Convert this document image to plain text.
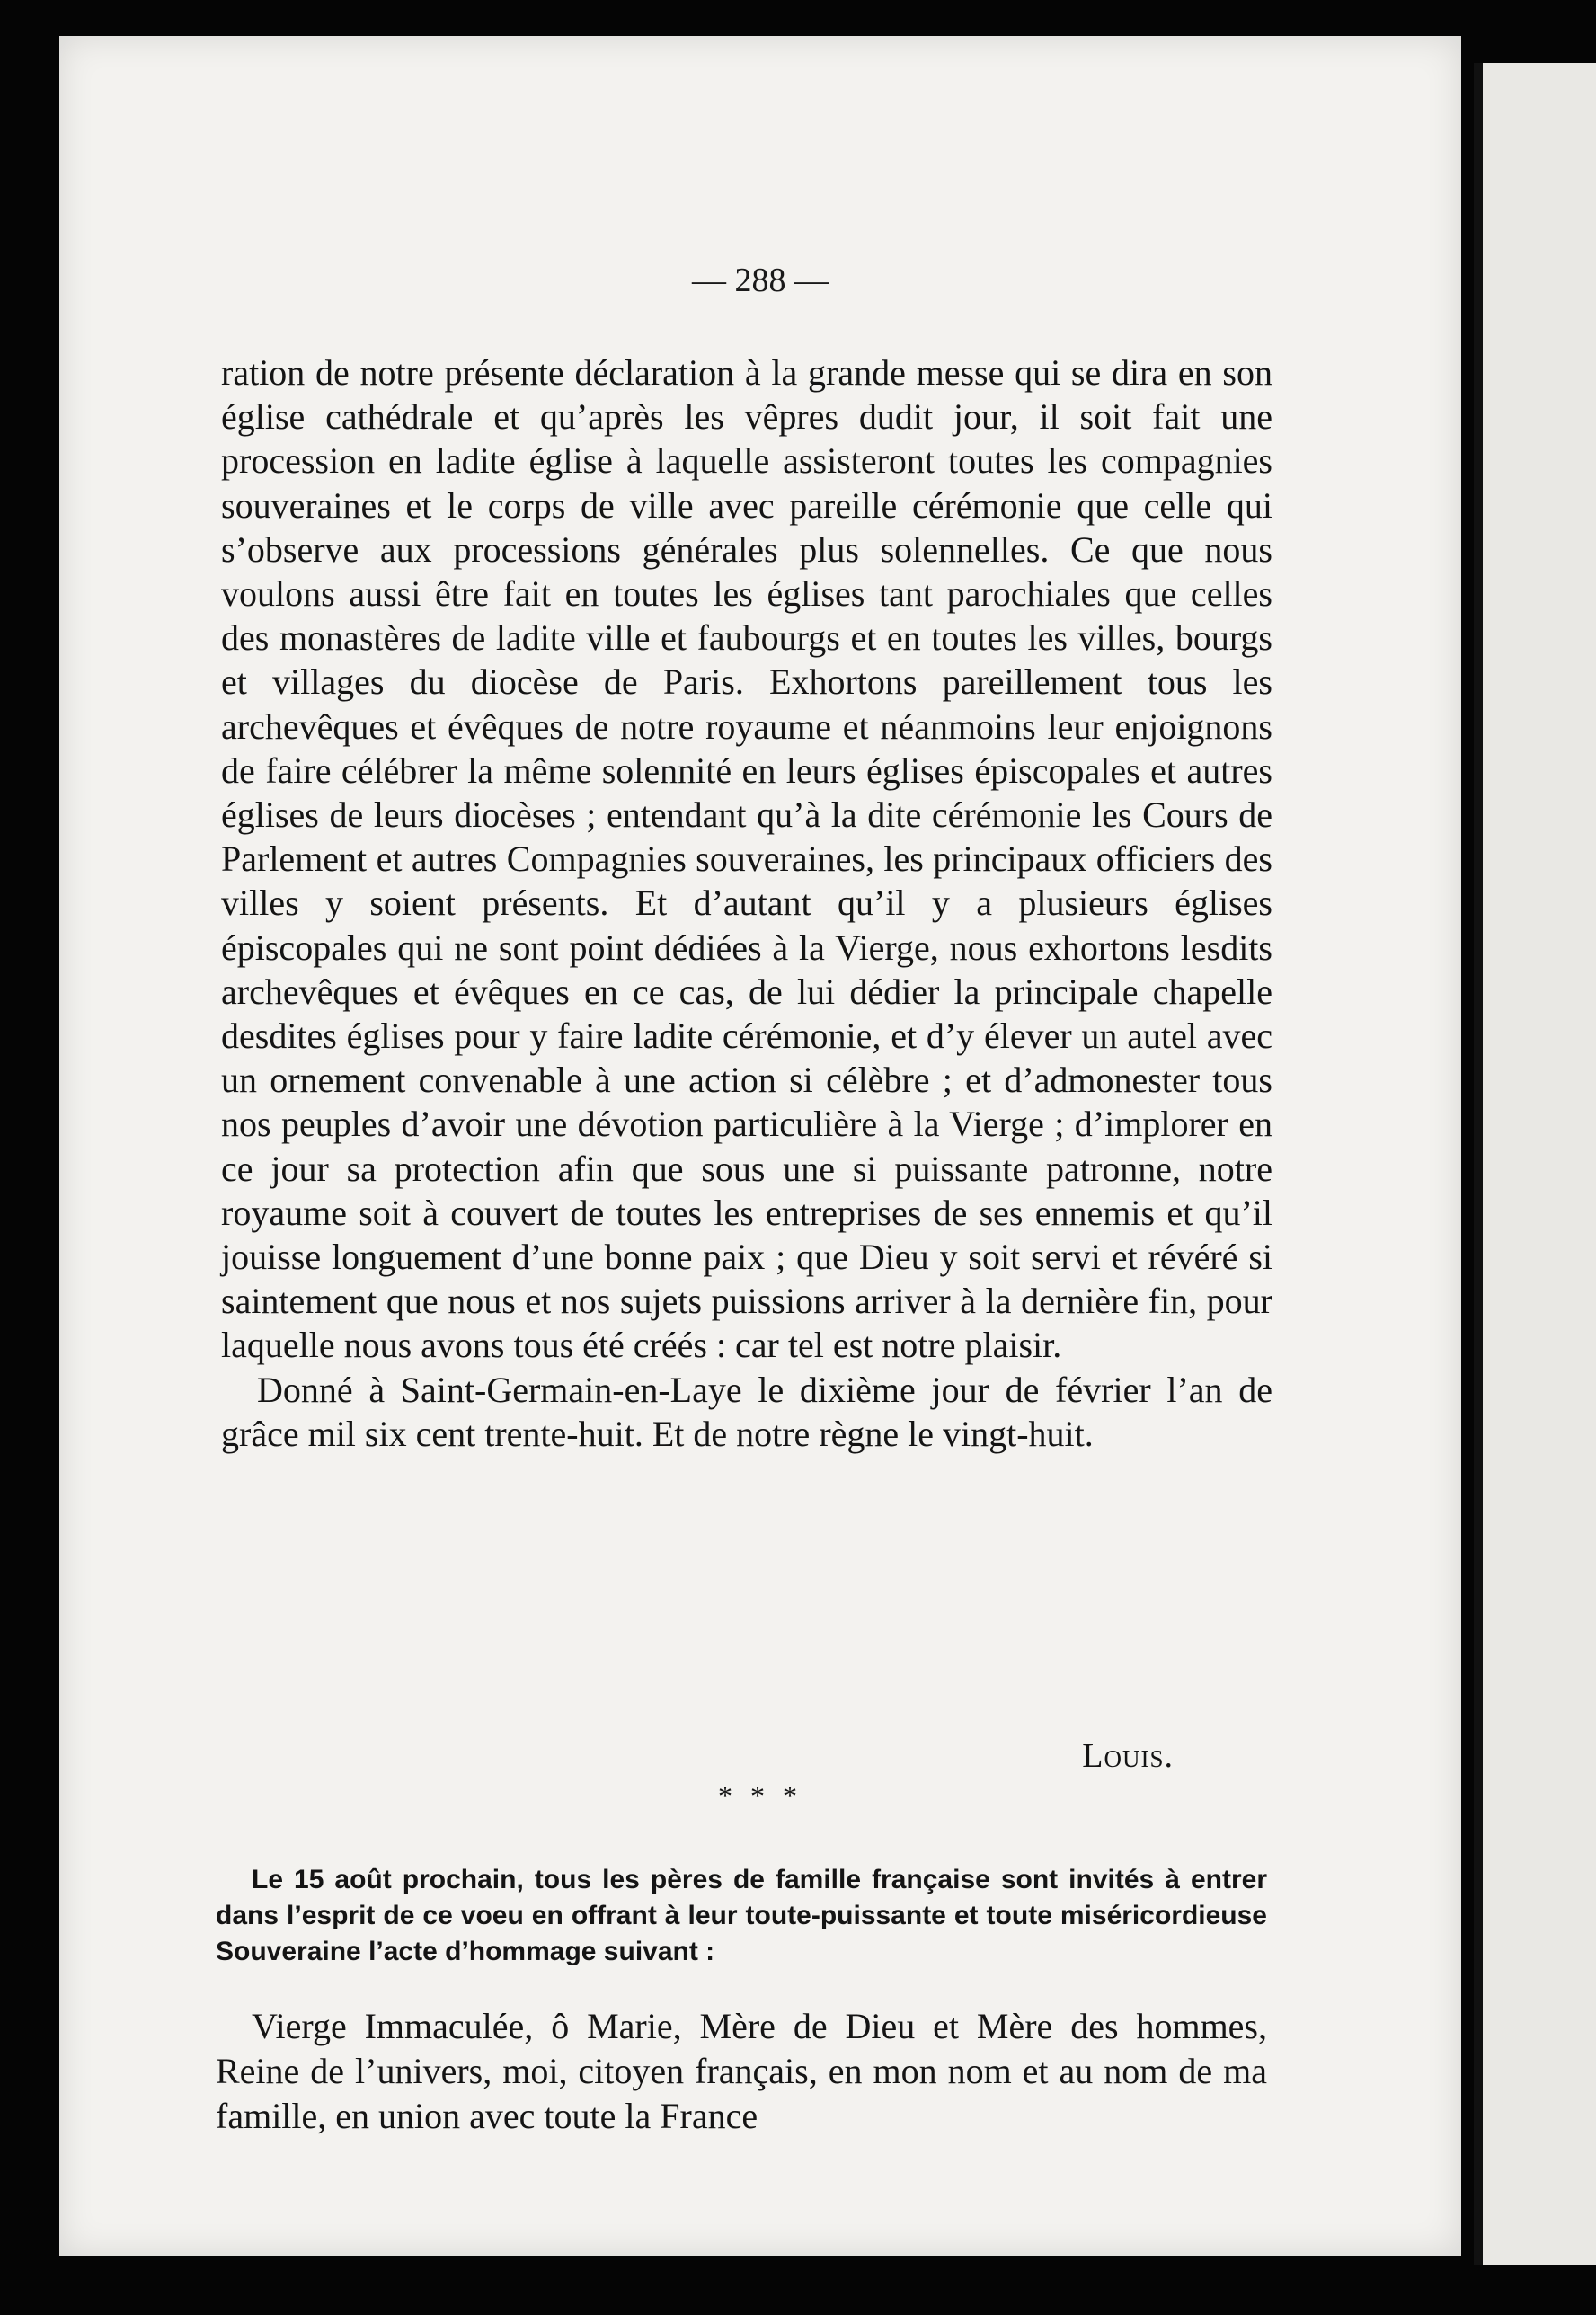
— 288 —

ration de notre présente déclaration à la grande messe qui se dira en son église cathédrale et qu’après les vêpres dudit jour, il soit fait une procession en ladite église à laquelle assisteront toutes les compagnies souveraines et le corps de ville avec pareille cérémonie que celle qui s’observe aux processions générales plus solennelles. Ce que nous voulons aussi être fait en toutes les églises tant parochiales que celles des monastères de ladite ville et faubourgs et en toutes les villes, bourgs et villages du diocèse de Paris. Exhortons pareillement tous les archevêques et évêques de notre royaume et néanmoins leur enjoignons de faire célébrer la même solennité en leurs églises épiscopales et autres églises de leurs diocèses ; entendant qu’à la dite cérémonie les Cours de Parlement et autres Compagnies souveraines, les principaux officiers des villes y soient présents. Et d’autant qu’il y a plusieurs églises épiscopales qui ne sont point dédiées à la Vierge, nous exhortons lesdits archevêques et évêques en ce cas, de lui dédier la principale chapelle desdites églises pour y faire ladite cérémonie, et d’y élever un autel avec un ornement convenable à une action si célèbre ; et d’admonester tous nos peuples d’avoir une dévotion particulière à la Vierge ; d’implorer en ce jour sa protection afin que sous une si puissante patronne, notre royaume soit à couvert de toutes les entreprises de ses ennemis et qu’il jouisse longuement d’une bonne paix ; que Dieu y soit servi et révéré si saintement que nous et nos sujets puissions arriver à la dernière fin, pour laquelle nous avons tous été créés : car tel est notre plaisir.

Donné à Saint-Germain-en-Laye le dixième jour de février l’an de grâce mil six cent trente-huit. Et de notre règne le vingt-huit.

Louis.
* * *
Le 15 août prochain, tous les pères de famille française sont invités à entrer dans l’esprit de ce voeu en offrant à leur toute-puissante et toute miséricordieuse Souveraine l’acte d’hommage suivant :
Vierge Immaculée, ô Marie, Mère de Dieu et Mère des hommes, Reine de l’univers, moi, citoyen français, en mon nom et au nom de ma famille, en union avec toute la France
